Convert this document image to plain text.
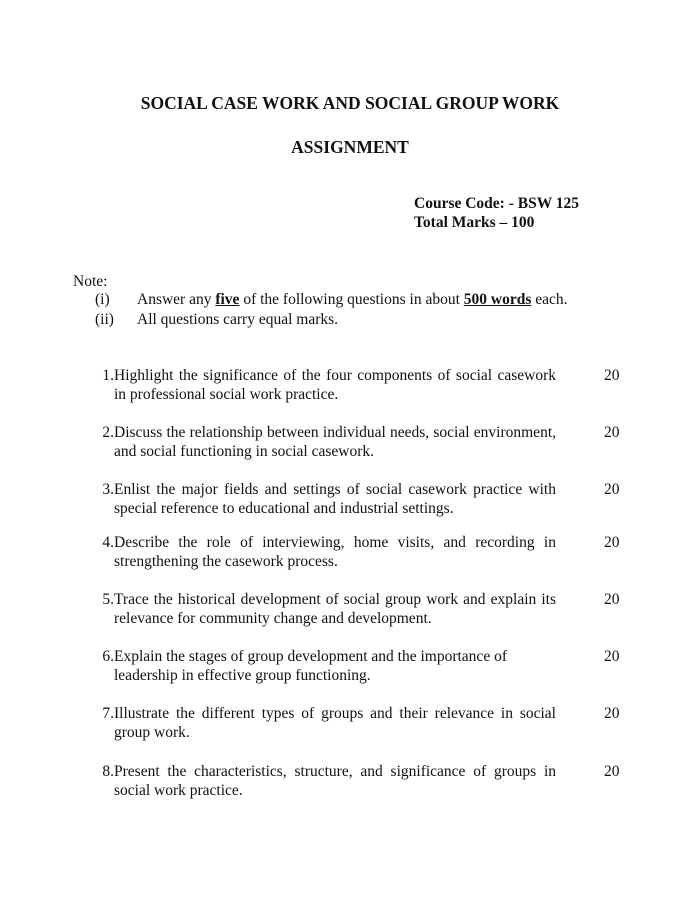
SOCIAL CASE WORK AND SOCIAL GROUP WORK
ASSIGNMENT
Course Code: - BSW 125
Total Marks – 100
Note:
(i) Answer any five of the following questions in about 500 words each.
(ii) All questions carry equal marks.
1. Highlight the significance of the four components of social casework in professional social work practice.
20
2. Discuss the relationship between individual needs, social environment, and social functioning in social casework.
20
3. Enlist the major fields and settings of social casework practice with special reference to educational and industrial settings.
20
4. Describe the role of interviewing, home visits, and recording in strengthening the casework process.
20
5. Trace the historical development of social group work and explain its relevance for community change and development.
20
6. Explain the stages of group development and the importance of leadership in effective group functioning.
20
7. Illustrate the different types of groups and their relevance in social group work.
20
8. Present the characteristics, structure, and significance of groups in social work practice.
20
